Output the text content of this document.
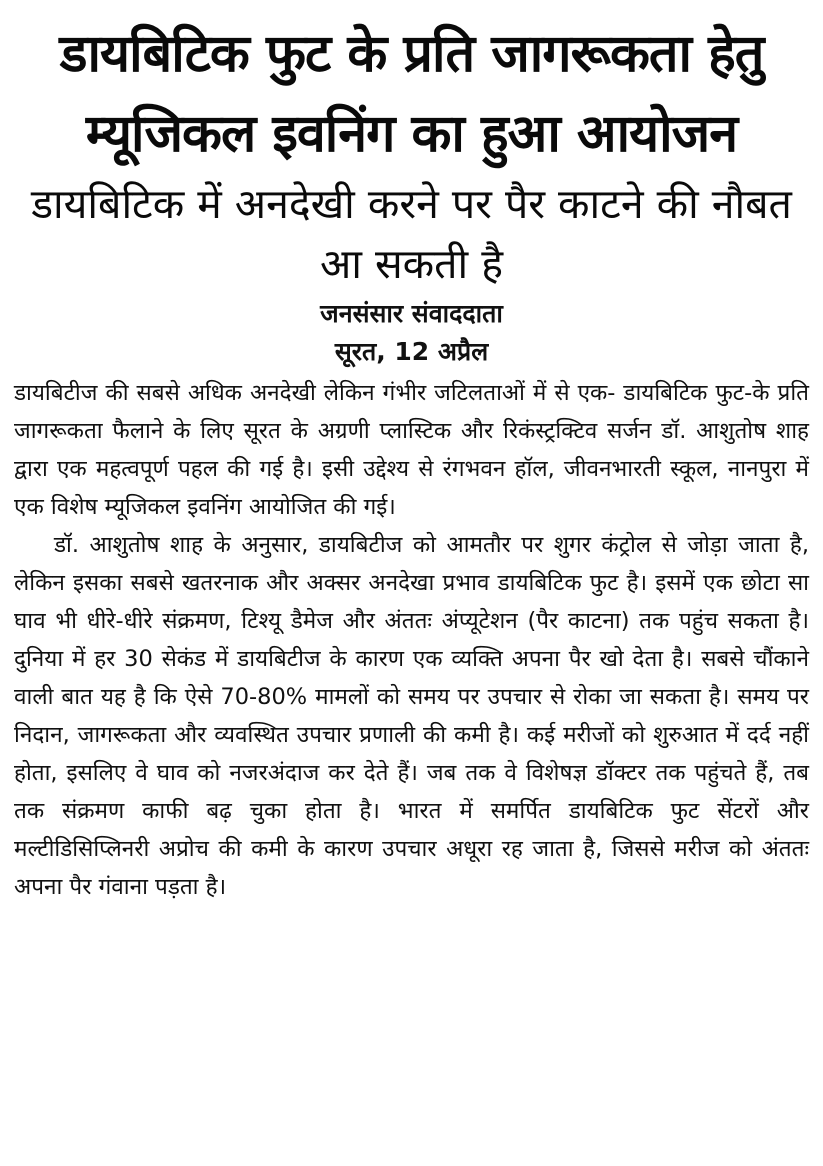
डायबिटिक फुट के प्रति जागरूकता हेतु म्यूजिकल इवनिंग का हुआ आयोजन
डायबिटिक में अनदेखी करने पर पैर काटने की नौबत आ सकती है
जनसंसार संवाददाता
सूरत, 12 अप्रैल

डायबिटीज की सबसे अधिक अनदेखी लेकिन गंभीर जटिलताओं में से एक- डायबिटिक फुट-के प्रति जागरूकता फैलाने के लिए सूरत के अग्रणी प्लास्टिक और रिकंस्ट्रक्टिव सर्जन डॉ. आशुतोष शाह द्वारा एक महत्वपूर्ण पहल की गई है। इसी उद्देश्य से रंगभवन हॉल, जीवनभारती स्कूल, नानपुरा में एक विशेष म्यूजिकल इवनिंग आयोजित की गई।

डॉ. आशुतोष शाह के अनुसार, डायबिटीज को आमतौर पर शुगर कंट्रोल से जोड़ा जाता है, लेकिन इसका सबसे खतरनाक और अक्सर अनदेखा प्रभाव डायबिटिक फुट है। इसमें एक छोटा सा घाव भी धीरे-धीरे संक्रमण, टिश्यू डैमेज और अंततः अंप्यूटेशन (पैर काटना) तक पहुंच सकता है। दुनिया में हर 30 सेकंड में डायबिटीज के कारण एक व्यक्ति अपना पैर खो देता है। सबसे चौंकाने वाली बात यह है कि ऐसे 70-80% मामलों को समय पर उपचार से रोका जा सकता है। समय पर निदान, जागरूकता और व्यवस्थित उपचार प्रणाली की कमी है। कई मरीजों को शुरुआत में दर्द नहीं होता, इसलिए वे घाव को नजरअंदाज कर देते हैं। जब तक वे विशेषज्ञ डॉक्टर तक पहुंचते हैं, तब तक संक्रमण काफी बढ़ चुका होता है। भारत में समर्पित डायबिटिक फुट सेंटरों और मल्टीडिसिप्लिनरी अप्रोच की कमी के कारण उपचार अधूरा रह जाता है, जिससे मरीज को अंततः अपना पैर गंवाना पड़ता है।
